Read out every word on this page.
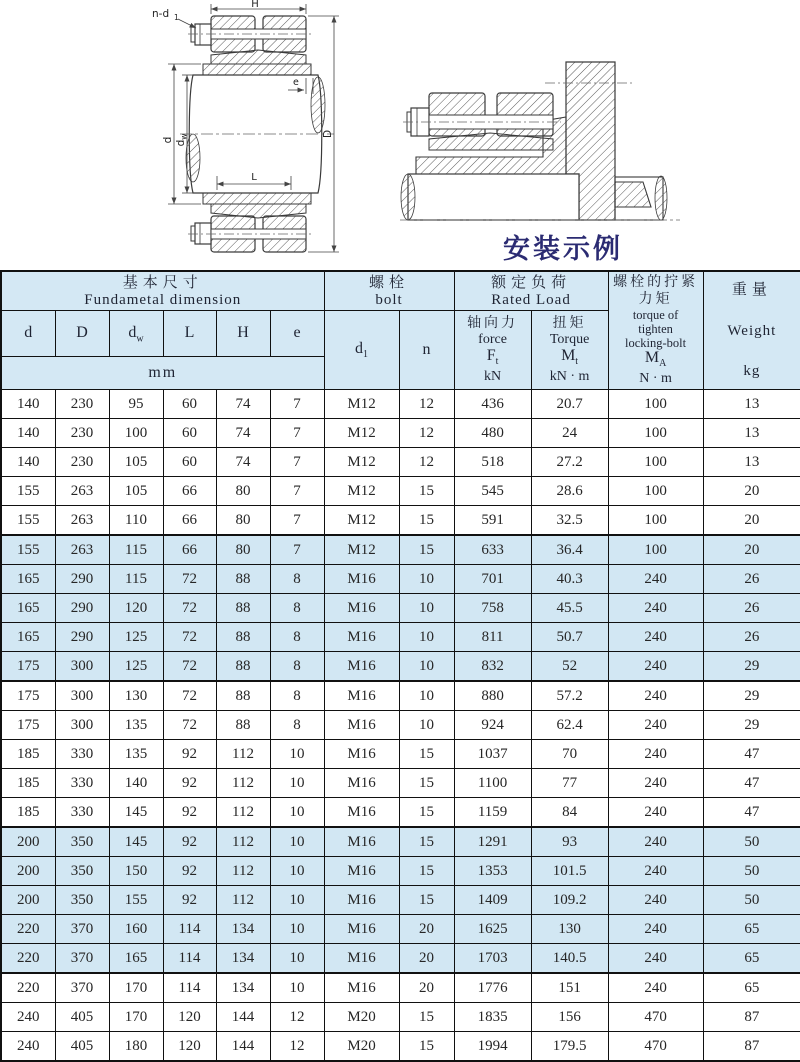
H
n-d 1
e
d $d_w$	D
L
安装示例
基本尺寸
Fundametal dimension

螺栓
bolt

额定负荷
Rated Load

螺栓的拧紧
力矩
torque of
tighten
locking-bolt
$M_A$
N · m

重量
Weight
kg

d	D	$d_w$	L	H	e	$d_1$	n	轴向力
force
$F_t$
kN	扭矩
Torque
$M_t$
kN · m		

mm											
140	230	95	60	74	7	M12	12	436	20.7	100	13
140	230	100	60	74	7	M12	12	480	24	100	13
140	230	105	60	74	7	M12	12	518	27.2	100	13
155	263	105	66	80	7	M12	15	545	28.6	100	20
155	263	110	66	80	7	M12	15	591	32.5	100	20
155	263	115	66	80	7	M12	15	633	36.4	100	20
165	290	115	72	88	8	M16	10	701	40.3	240	26
165	290	120	72	88	8	M16	10	758	45.5	240	26
165	290	125	72	88	8	M16	10	811	50.7	240	26
175	300	125	72	88	8	M16	10	832	52	240	29
175	300	130	72	88	8	M16	10	880	57.2	240	29
175	300	135	72	88	8	M16	10	924	62.4	240	29
185	330	135	92	112	10	M16	15	1037	70	240	47
185	330	140	92	112	10	M16	15	1100	77	240	47
185	330	145	92	112	10	M16	15	1159	84	240	47
200	350	145	92	112	10	M16	15	1291	93	240	50
200	350	150	92	112	10	M16	15	1353	101.5	240	50
200	350	155	92	112	10	M16	15	1409	109.2	240	50
220	370	160	114	134	10	M16	20	1625	130	240	65
220	370	165	114	134	10	M16	20	1703	140.5	240	65
220	370	170	114	134	10	M16	20	1776	151	240	65
240	405	170	120	144	12	M20	15	1835	156	470	87
240	405	180	120	144	12	M20	15	1994	179.5	470	87
